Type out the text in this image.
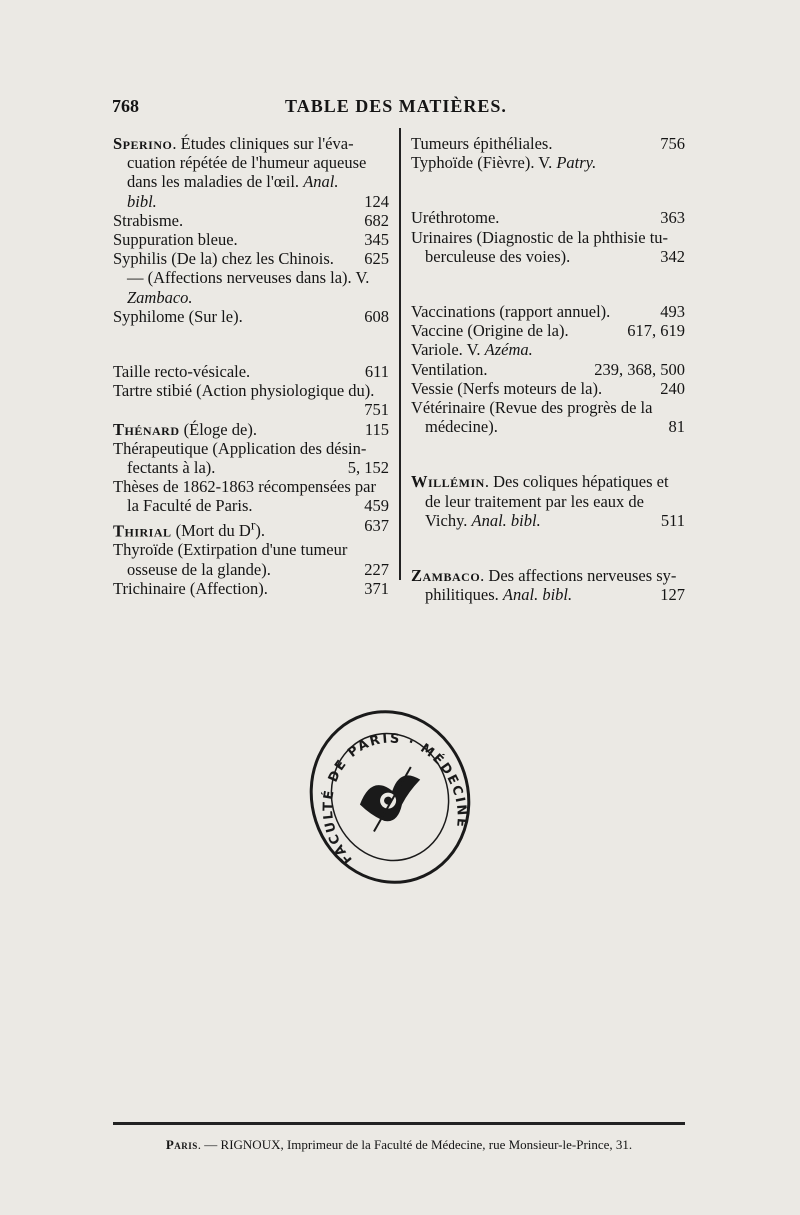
768	TABLE DES MATIÈRES.
Sperino. Études cliniques sur l'éva-
cuation répétée de l'humeur aqueuse
dans les maladies de l'œil. Anal.
bibl.	124
Strabisme.	682
Suppuration bleue.	345
Syphilis (De la) chez les Chinois. 625
— (Affections nerveuses dans la). V.
Zambaco.
Syphilome (Sur le).	608
Taille recto-vésicale.	611
Tartre stibié (Action physiologique du).

751
Thénard (Éloge de).	115
Thérapeutique (Application des désin-
fectants à la).	5, 152
Thèses de 1862-1863 récompensées par
la Faculté de Paris.	459
Thirial (Mort du $D^r$).	637
Thyroïde (Extirpation d'une tumeur
osseuse de la glande).	227
Trichinaire (Affection).	371
Tumeurs épithéliales.	756
Typhoïde (Fièvre). V. Patry.
Uréthrotome.	363
Urinaires (Diagnostic de la phthisie tu-
berculeuse des voies).	342
Vaccinations (rapport annuel).	493
Vaccine (Origine de la).	617, 619
Variole. V. Azéma.
Ventilation.	239, 368, 500
Vessie (Nerfs moteurs de la).	240
Vétérinaire (Revue des progrès de la
médecine).	81
Willémin. Des coliques hépatiques et
de leur traitement par les eaux de
Vichy. Anal. bibl.	511
Zambaco. Des affections nerveuses sy-
philitiques. Anal. bibl.	127
FACULTÉ DE PARIS · MÉDECINE
Paris. — RIGNOUX, Imprimeur de la Faculté de Médecine, rue Monsieur-le-Prince, 31.
